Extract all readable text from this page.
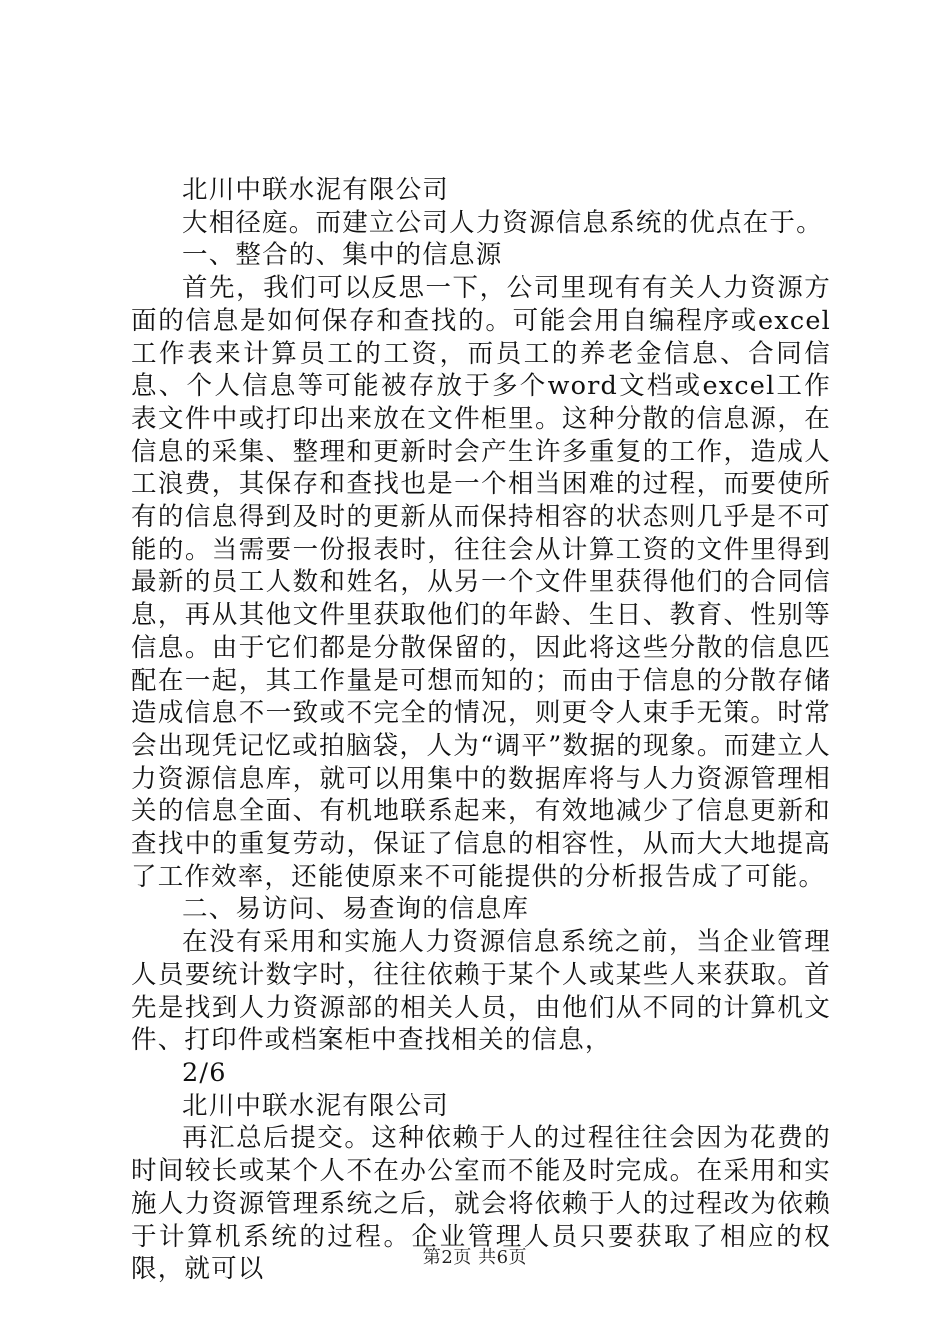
北川中联水泥有限公司

大相径庭。而建立公司人力资源信息系统的优点在于。

一、整合的、集中的信息源

首先，我们可以反思一下，公司里现有有关人力资源方面的信息是如何保存和查找的。可能会用自编程序或excel工作表来计算员工的工资，而员工的养老金信息、合同信息、个人信息等可能被存放于多个word文档或excel工作表文件中或打印出来放在文件柜里。这种分散的信息源，在信息的采集、整理和更新时会产生许多重复的工作，造成人工浪费，其保存和查找也是一个相当困难的过程，而要使所有的信息得到及时的更新从而保持相容的状态则几乎是不可能的。当需要一份报表时，往往会从计算工资的文件里得到最新的员工人数和姓名，从另一个文件里获得他们的合同信息，再从其他文件里获取他们的年龄、生日、教育、性别等信息。由于它们都是分散保留的，因此将这些分散的信息匹配在一起，其工作量是可想而知的；而由于信息的分散存储造成信息不一致或不完全的情况，则更令人束手无策。时常会出现凭记忆或拍脑袋，人为“调平”数据的现象。而建立人力资源信息库，就可以用集中的数据库将与人力资源管理相关的信息全面、有机地联系起来，有效地减少了信息更新和查找中的重复劳动，保证了信息的相容性，从而大大地提高了工作效率，还能使原来不可能提供的分析报告成了可能。

二、易访问、易查询的信息库

在没有采用和实施人力资源信息系统之前，当企业管理人员要统计数字时，往往依赖于某个人或某些人来获取。首先是找到人力资源部的相关人员，由他们从不同的计算机文件、打印件或档案柜中查找相关的信息，

2/6

北川中联水泥有限公司

再汇总后提交。这种依赖于人的过程往往会因为花费的时间较长或某个人不在办公室而不能及时完成。在采用和实施人力资源管理系统之后，就会将依赖于人的过程改为依赖于计算机系统的过程。企业管理人员只要获取了相应的权限，就可以	第2页 共6页
